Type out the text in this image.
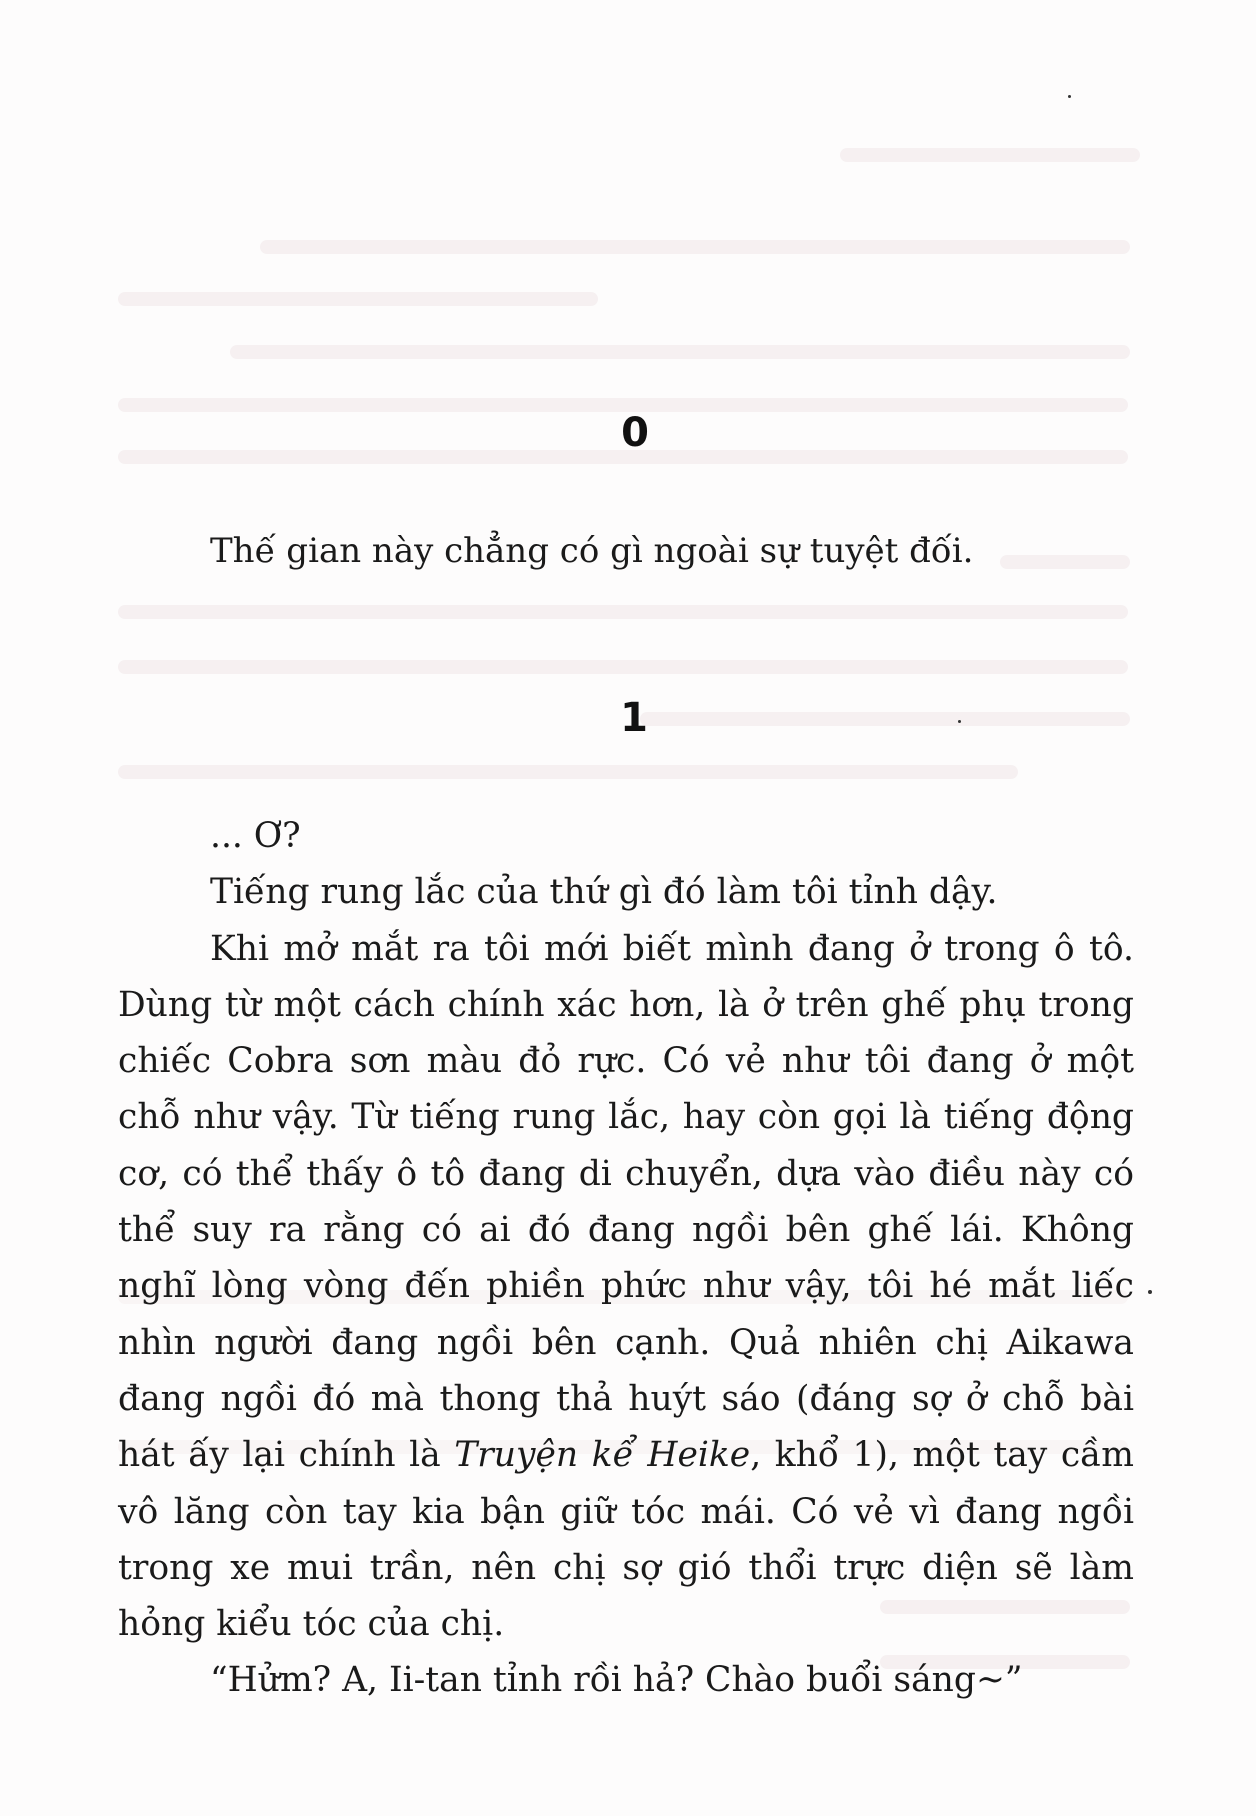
0
Thế gian này chẳng có gì ngoài sự tuyệt đối.
1

... Ơ?

Tiếng rung lắc của thứ gì đó làm tôi tỉnh dậy.

Khi mở mắt ra tôi mới biết mình đang ở trong ô tô. Dùng từ một cách chính xác hơn, là ở trên ghế phụ trong chiếc Cobra sơn màu đỏ rực. Có vẻ như tôi đang ở một chỗ như vậy. Từ tiếng rung lắc, hay còn gọi là tiếng động cơ, có thể thấy ô tô đang di chuyển, dựa vào điều này có thể suy ra rằng có ai đó đang ngồi bên ghế lái. Không nghĩ lòng vòng đến phiền phức như vậy, tôi hé mắt liếc nhìn người đang ngồi bên cạnh. Quả nhiên chị Aikawa đang ngồi đó mà thong thả huýt sáo (đáng sợ ở chỗ bài hát ấy lại chính là Truyện kể Heike, khổ 1), một tay cầm vô lăng còn tay kia bận giữ tóc mái. Có vẻ vì đang ngồi trong xe mui trần, nên chị sợ gió thổi trực diện sẽ làm hỏng kiểu tóc của chị.

“Hửm? A, Ii-tan tỉnh rồi hả? Chào buổi sáng~”
